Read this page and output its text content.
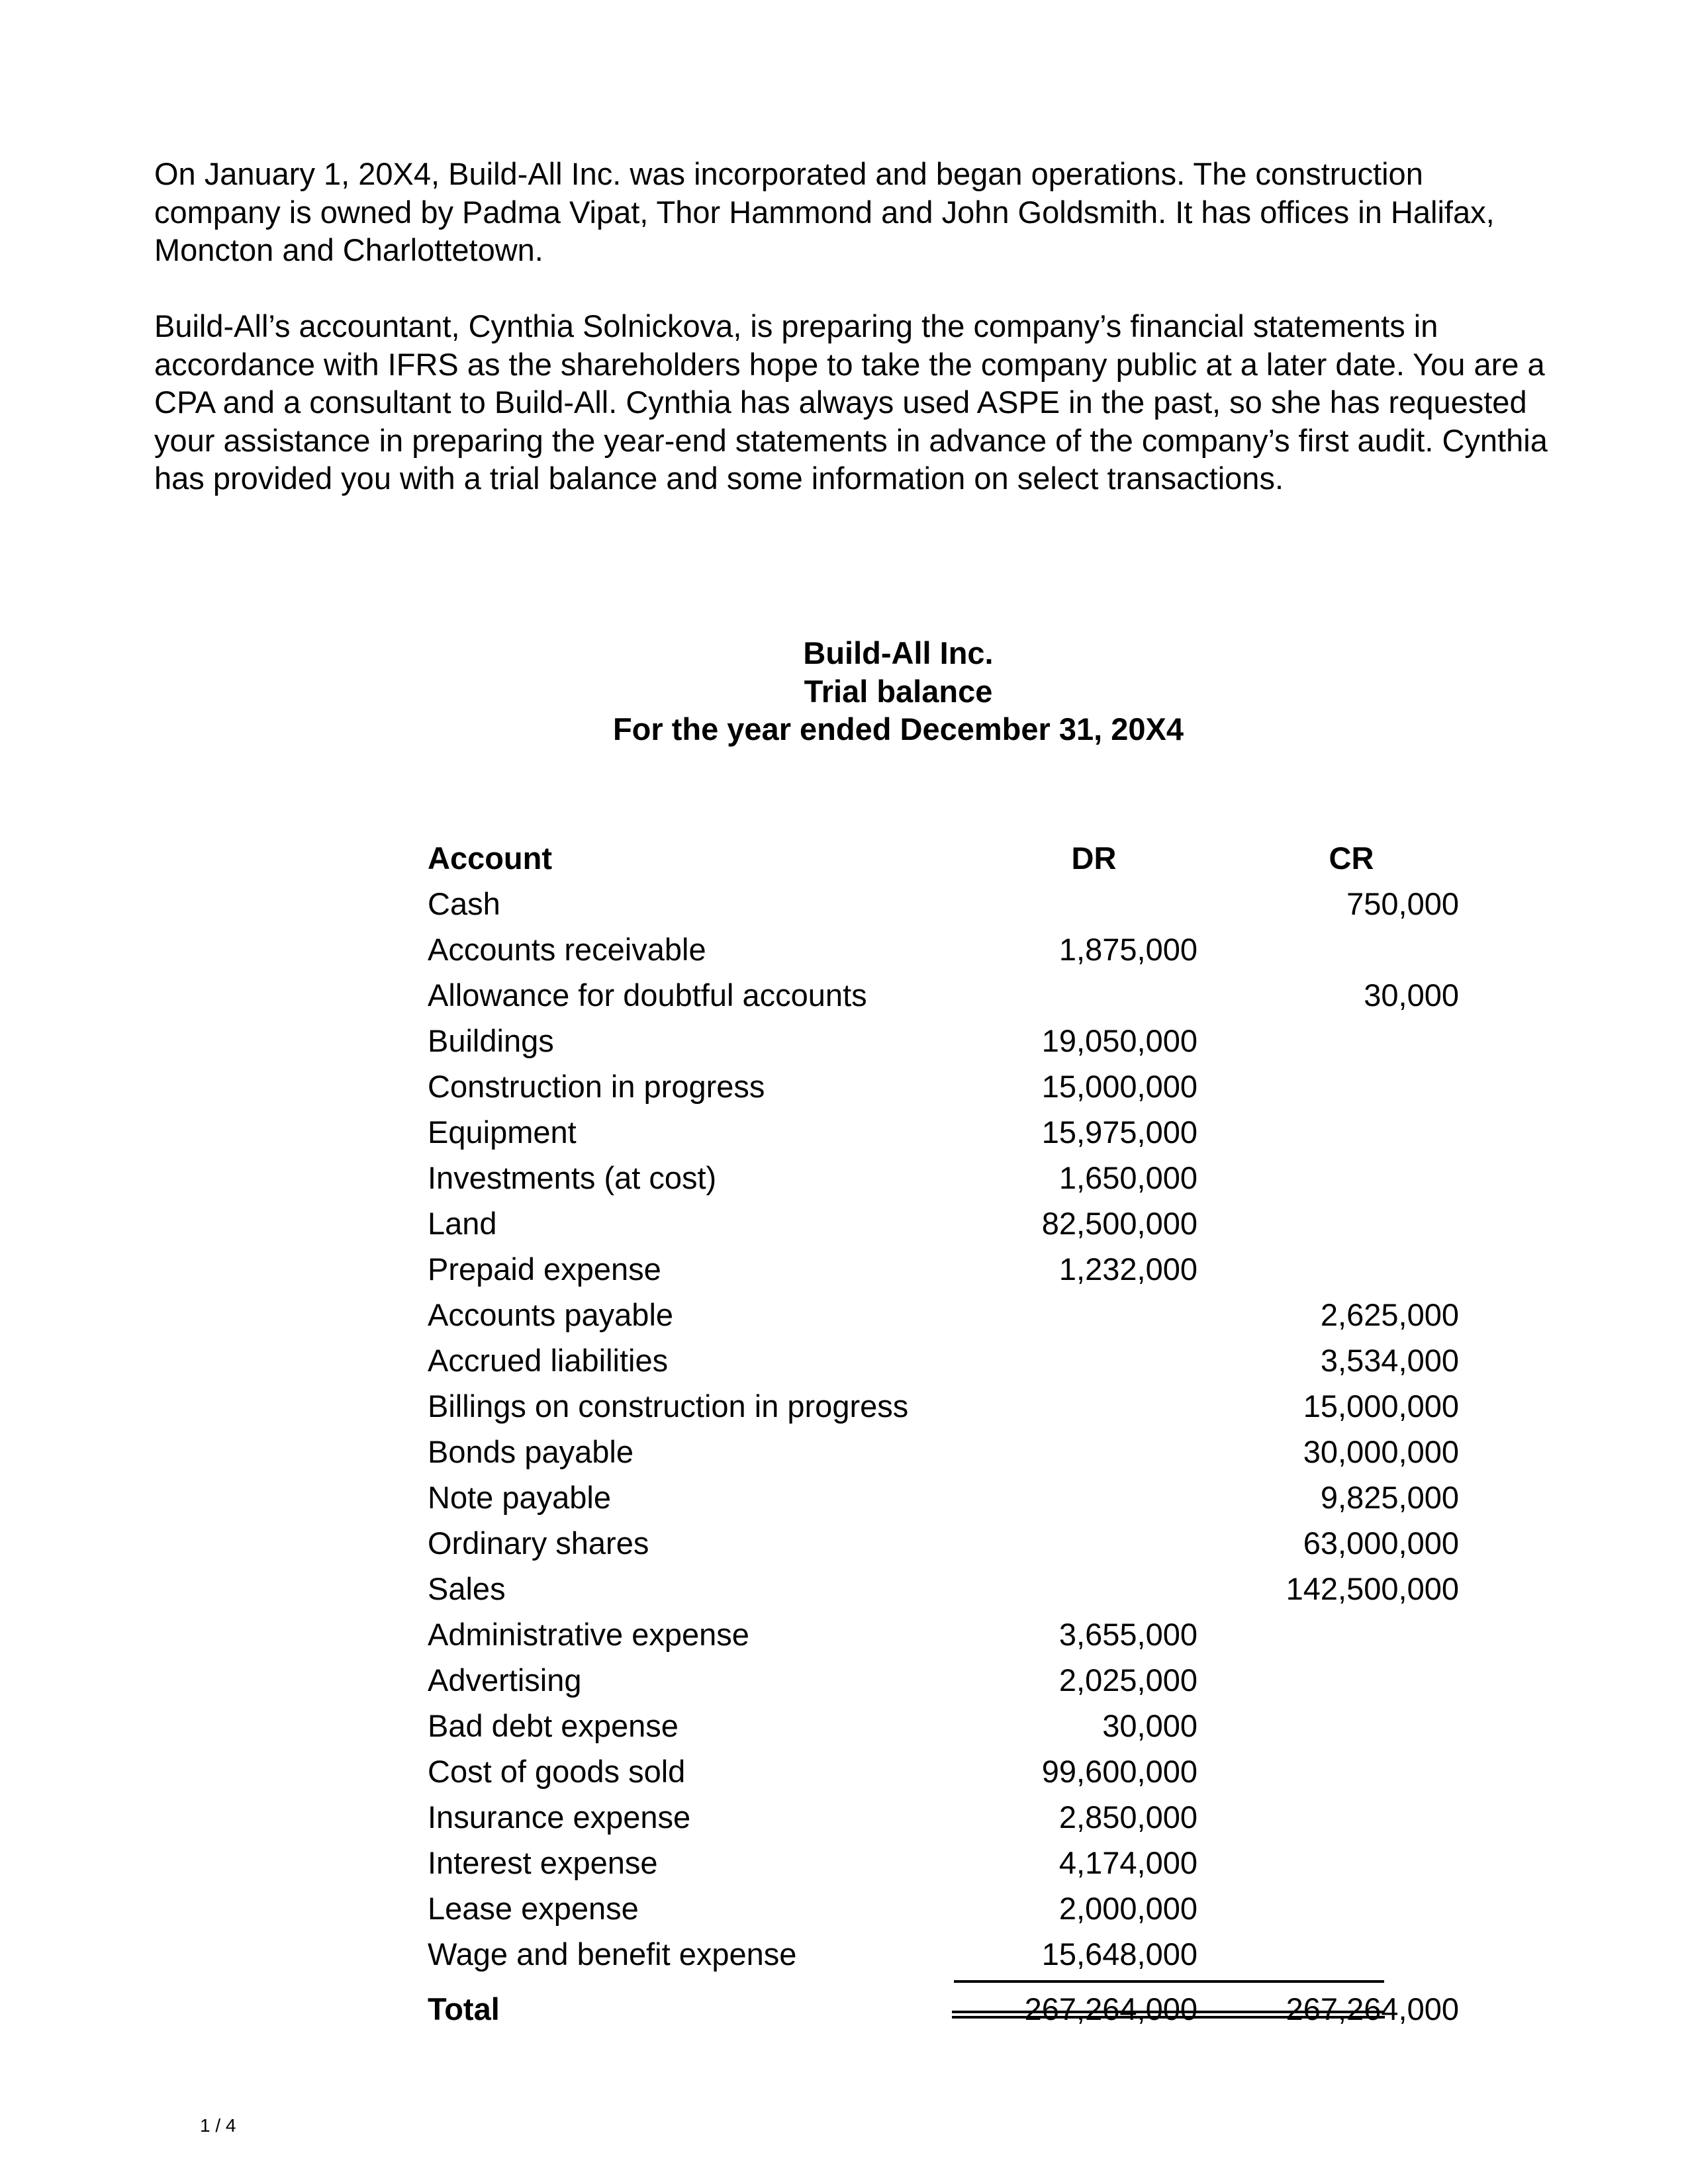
On January 1, 20X4, Build-All Inc. was incorporated and began operations. The construction company is owned by Padma Vipat, Thor Hammond and John Goldsmith. It has offices in Halifax, Moncton and Charlottetown.

Build-All’s accountant, Cynthia Solnickova, is preparing the company’s financial statements in accordance with IFRS as the shareholders hope to take the company public at a later date. You are a CPA and a consultant to Build-All. Cynthia has always used ASPE in the past, so she has requested your assistance in preparing the year-end statements in advance of the company’s first audit. Cynthia has provided you with a trial balance and some information on select transactions.

Build-All Inc.
Trial balance
For the year ended December 31, 20X4
Account	DR	CR
Cash		750,000
Accounts receivable	1,875,000	
Allowance for doubtful accounts		30,000
Buildings	19,050,000	
Construction in progress	15,000,000	
Equipment	15,975,000	
Investments (at cost)	1,650,000	
Land	82,500,000	
Prepaid expense	1,232,000	
Accounts payable		2,625,000
Accrued liabilities		3,534,000
Billings on construction in progress		15,000,000
Bonds payable		30,000,000
Note payable		9,825,000
Ordinary shares		63,000,000
Sales		142,500,000
Administrative expense	3,655,000	
Advertising	2,025,000	
Bad debt expense	30,000	
Cost of goods sold	99,600,000	
Insurance expense	2,850,000	
Interest expense	4,174,000	
Lease expense	2,000,000	
Wage and benefit expense	15,648,000	
Total	267,264,000	267,264,000
1 / 4
